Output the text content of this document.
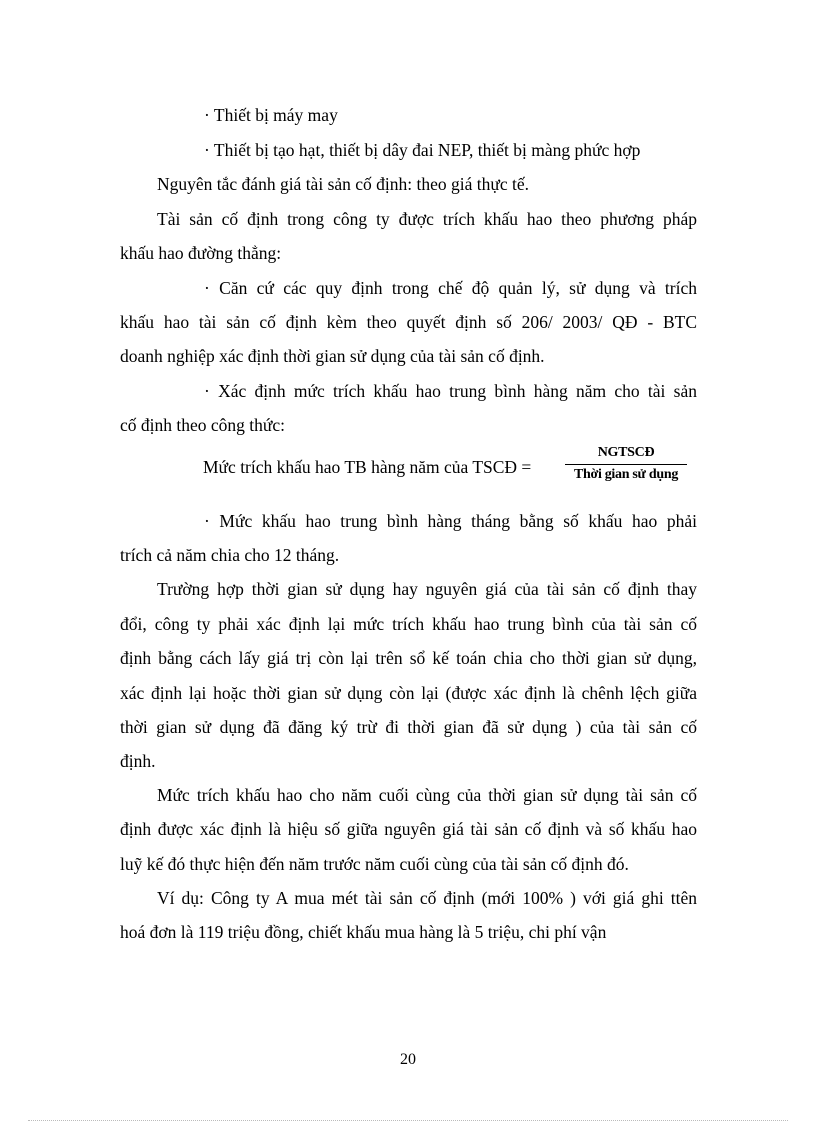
· Thiết bị máy may
· Thiết bị tạo hạt, thiết bị dây đai NEP, thiết bị màng phức hợp
Nguyên tắc đánh giá tài sản cố định: theo giá thực tế.
Tài sản cố định trong công ty được trích khấu hao theo phương pháp
khấu hao đường thẳng:
· Căn cứ các quy định trong chế độ quản lý, sử dụng và trích
khấu hao tài sản cố định kèm theo quyết định số 206/ 2003/ QĐ - BTC
doanh nghiệp xác định thời gian sử dụng của tài sản cố định.
· Xác định mức trích khấu hao trung bình hàng năm cho tài sản
cố định theo công thức:
Mức trích khấu hao TB hàng năm của TSCĐ =
NGTSCĐ
Thời gian sử dụng
· Mức khấu hao trung bình hàng tháng bằng số khấu hao phải
trích cả năm chia cho 12 tháng.
Trường hợp thời gian sử dụng hay nguyên giá của tài sản cố định thay
đổi, công ty phải xác định lại mức trích khấu hao trung bình của tài sản cố
định bằng cách lấy giá trị còn lại trên sổ kế toán chia cho thời gian sử dụng,
xác định lại hoặc thời gian sử dụng còn lại (được xác định là chênh lệch giữa
thời gian sử dụng đã đăng ký trừ đi thời gian đã sử dụng ) của tài sản cố
định.
Mức trích khấu hao cho năm cuối cùng của thời gian sử dụng tài sản cố
định được xác định là hiệu số giữa nguyên giá tài sản cố định và số khấu hao
luỹ kế đó thực hiện đến năm trước năm cuối cùng của tài sản cố định đó.
Ví dụ: Công ty A mua mét tài sản cố định (mới 100% ) với giá ghi ttên
hoá đơn là 119 triệu đồng, chiết khấu mua hàng là 5 triệu, chi phí vận
20
